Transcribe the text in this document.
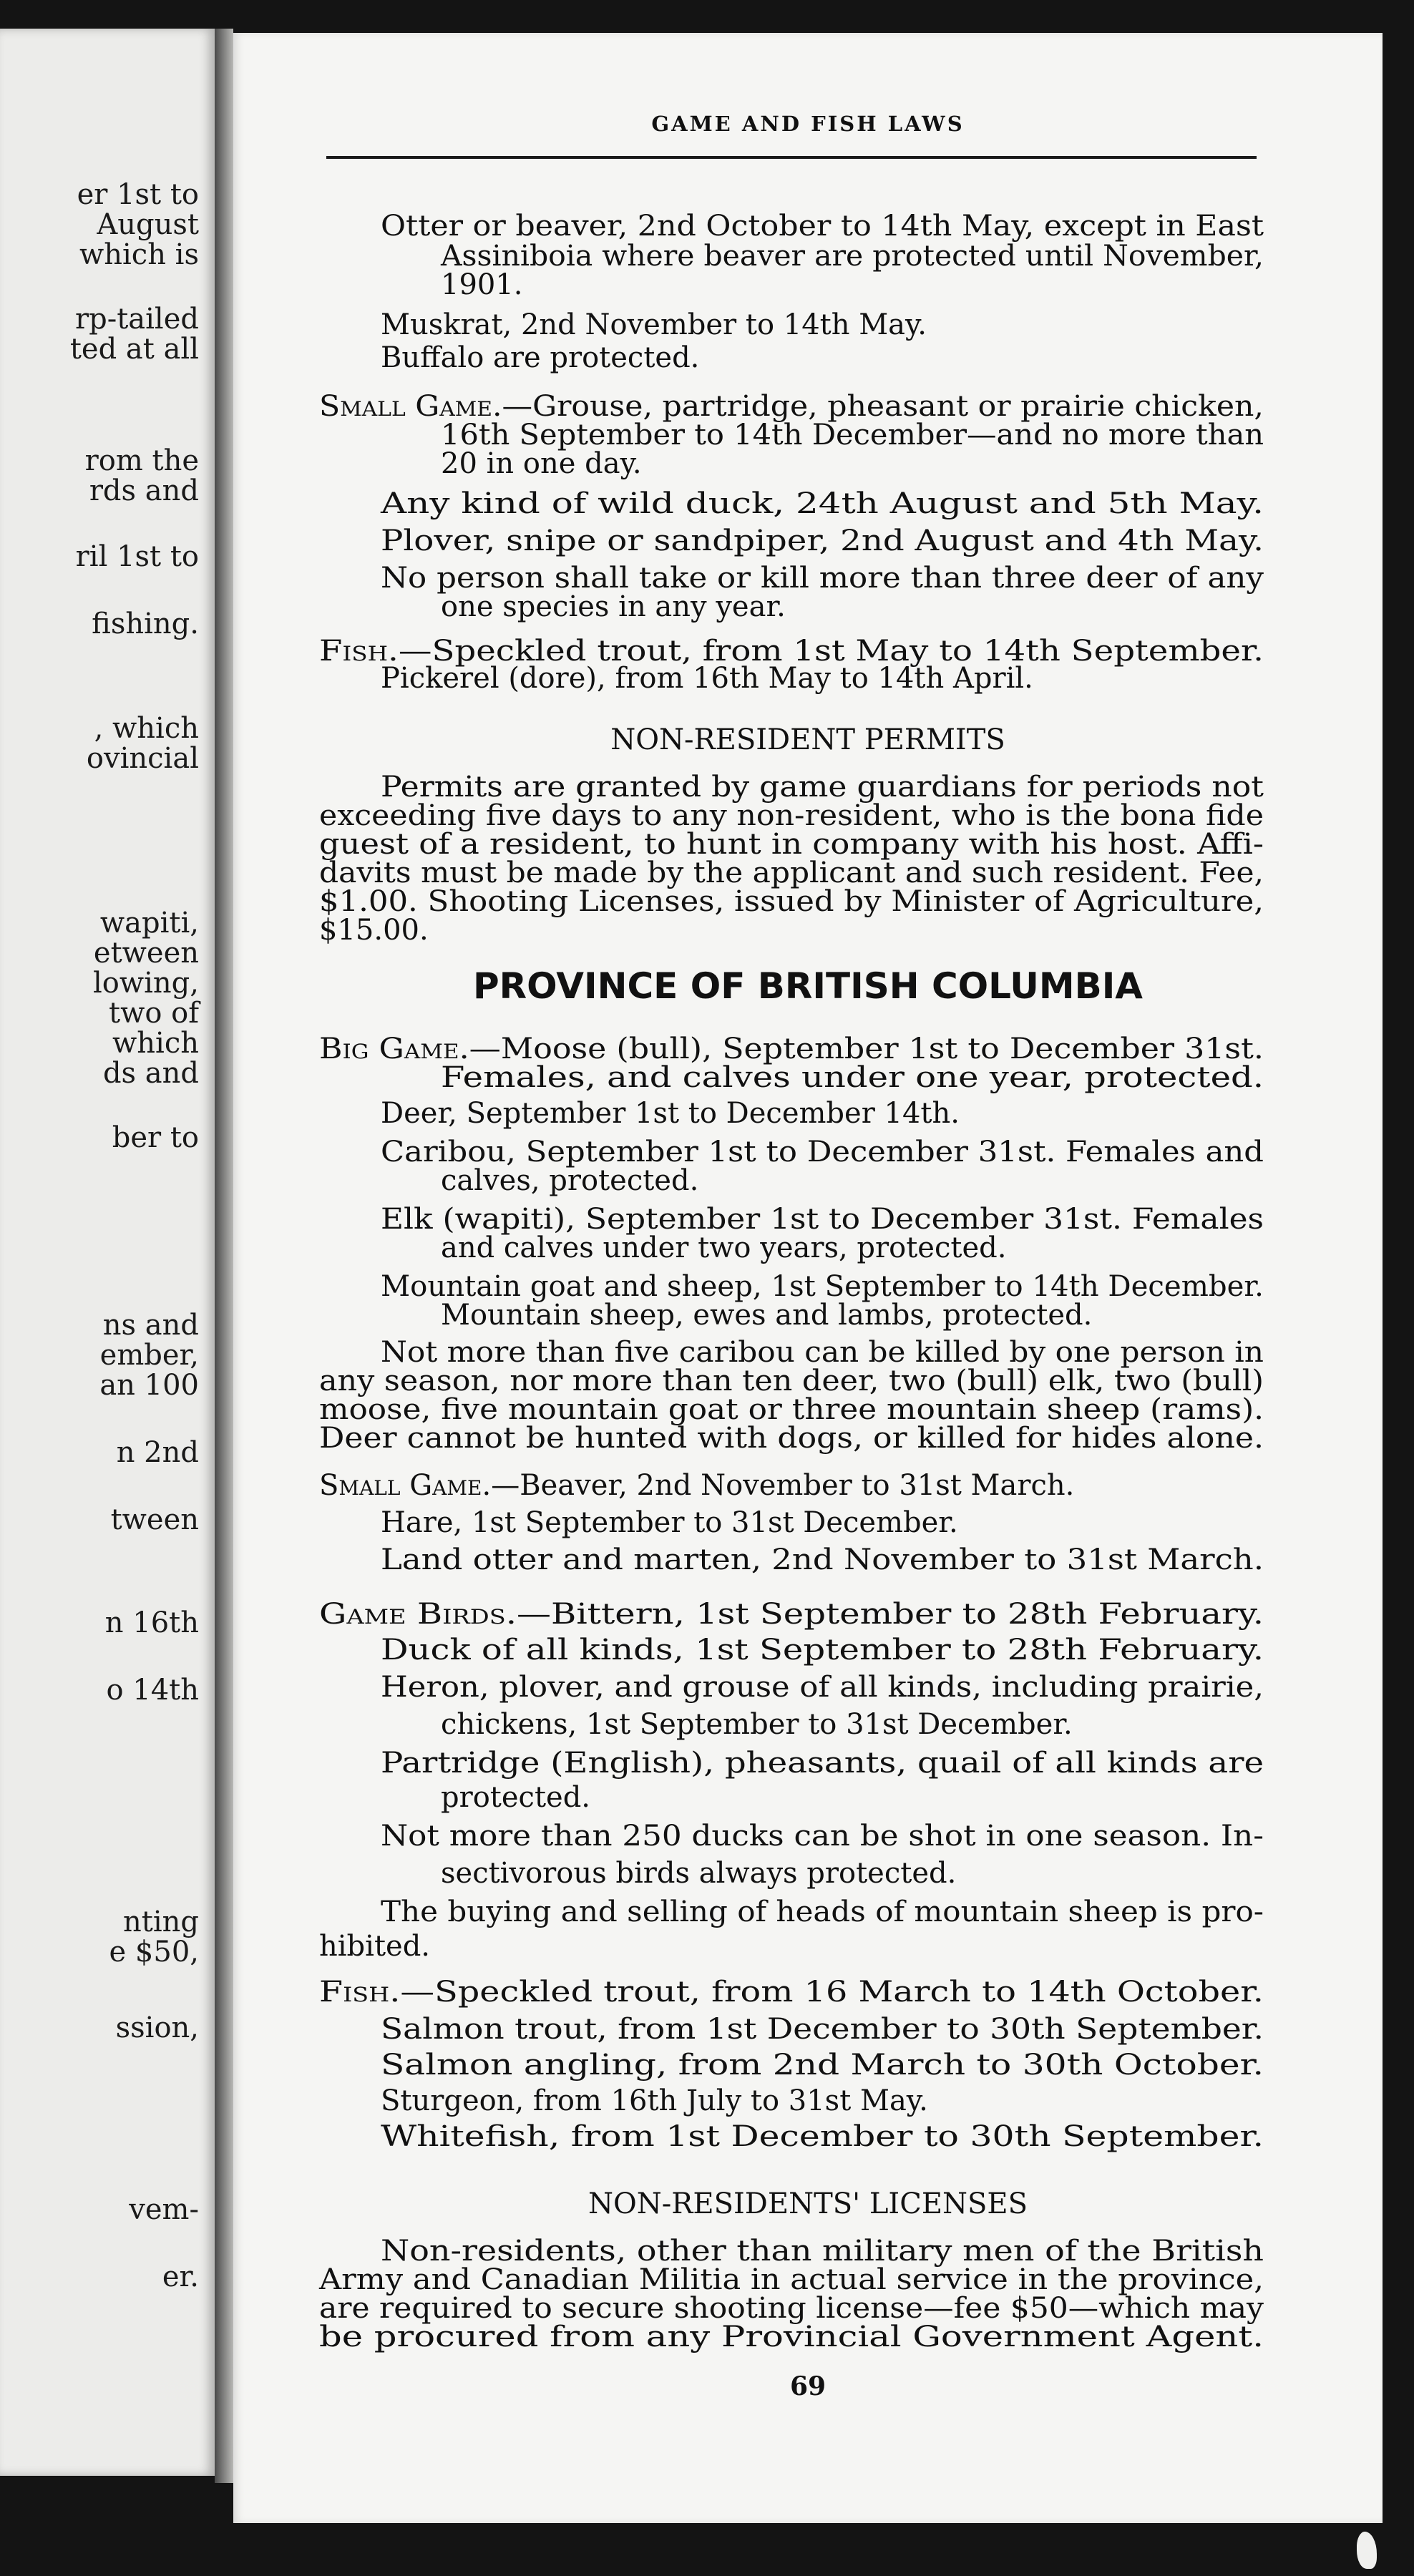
er 1st to
August
which is
rp-tailed
ted at all
rom the
rds and
ril 1st to
fishing.
, which
ovincial
wapiti,
etween
lowing,
two of
which
ds and
ber to
ns and
ember,
an 100
n 2nd
tween
n 16th
o 14th
nting
e $50,
ssion,
vem-
er.
GAME AND FISH LAWS
PROVINCE OF BRITISH COLUMBIA
69
Otter or beaver, 2nd October to 14th May, except in East
Assiniboia where beaver are protected until November,
1901.
Muskrat, 2nd November to 14th May.
Buffalo are protected.
Small Game.—Grouse, partridge, pheasant or prairie chicken,
16th September to 14th December—and no more than
20 in one day.
Any kind of wild duck, 24th August and 5th May.
Plover, snipe or sandpiper, 2nd August and 4th May.
No person shall take or kill more than three deer of any
one species in any year.
Fish.—Speckled trout, from 1st May to 14th September.
Pickerel (dore), from 16th May to 14th April.
NON-RESIDENT PERMITS
Permits are granted by game guardians for periods not
exceeding five days to any non-resident, who is the bona fide
guest of a resident, to hunt in company with his host. Affi-
davits must be made by the applicant and such resident. Fee,
$1.00. Shooting Licenses, issued by Minister of Agriculture,
$15.00.
Big Game.—Moose (bull), September 1st to December 31st.
Females, and calves under one year, protected.
Deer, September 1st to December 14th.
Caribou, September 1st to December 31st. Females and
calves, protected.
Elk (wapiti), September 1st to December 31st. Females
and calves under two years, protected.
Mountain goat and sheep, 1st September to 14th December.
Mountain sheep, ewes and lambs, protected.
Not more than five caribou can be killed by one person in
any season, nor more than ten deer, two (bull) elk, two (bull)
moose, five mountain goat or three mountain sheep (rams).
Deer cannot be hunted with dogs, or killed for hides alone.
Small Game.—Beaver, 2nd November to 31st March.
Hare, 1st September to 31st December.
Land otter and marten, 2nd November to 31st March.
Game Birds.—Bittern, 1st September to 28th February.
Duck of all kinds, 1st September to 28th February.
Heron, plover, and grouse of all kinds, including prairie,
chickens, 1st September to 31st December.
Partridge (English), pheasants, quail of all kinds are
protected.
Not more than 250 ducks can be shot in one season. In-
sectivorous birds always protected.
The buying and selling of heads of mountain sheep is pro-
hibited.
Fish.—Speckled trout, from 16 March to 14th October.
Salmon trout, from 1st December to 30th September.
Salmon angling, from 2nd March to 30th October.
Sturgeon, from 16th July to 31st May.
Whitefish, from 1st December to 30th September.
NON-RESIDENTS' LICENSES
Non-residents, other than military men of the British
Army and Canadian Militia in actual service in the province,
are required to secure shooting license—fee $50—which may
be procured from any Provincial Government Agent.
